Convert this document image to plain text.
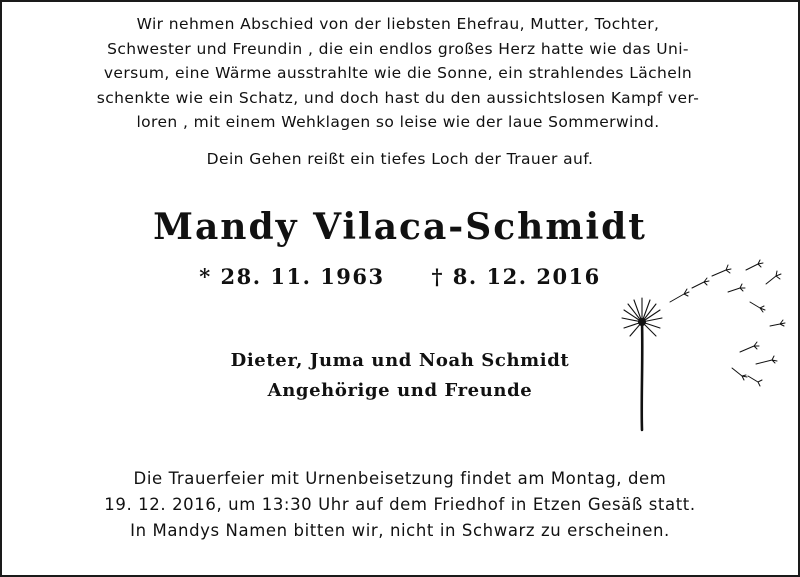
Wir nehmen Abschied von der liebsten Ehefrau, Mutter, Tochter,
Schwester und Freundin , die ein endlos großes Herz hatte wie das Uni-
versum, eine Wärme ausstrahlte wie die Sonne, ein strahlendes Lächeln
schenkte wie ein Schatz, und doch hast du den aussichtslosen Kampf ver-
loren , mit einem Wehklagen so leise wie der laue Sommerwind.
Dein Gehen reißt ein tiefes Loch der Trauer auf.
Mandy Vilaca-Schmidt
* 28. 11. 1963 † 8. 12. 2016
Dieter, Juma und Noah Schmidt
Angehörige und Freunde
Die Trauerfeier mit Urnenbeisetzung findet am Montag, dem
19. 12. 2016, um 13:30 Uhr auf dem Friedhof in Etzen Gesäß statt.
In Mandys Namen bitten wir, nicht in Schwarz zu erscheinen.
